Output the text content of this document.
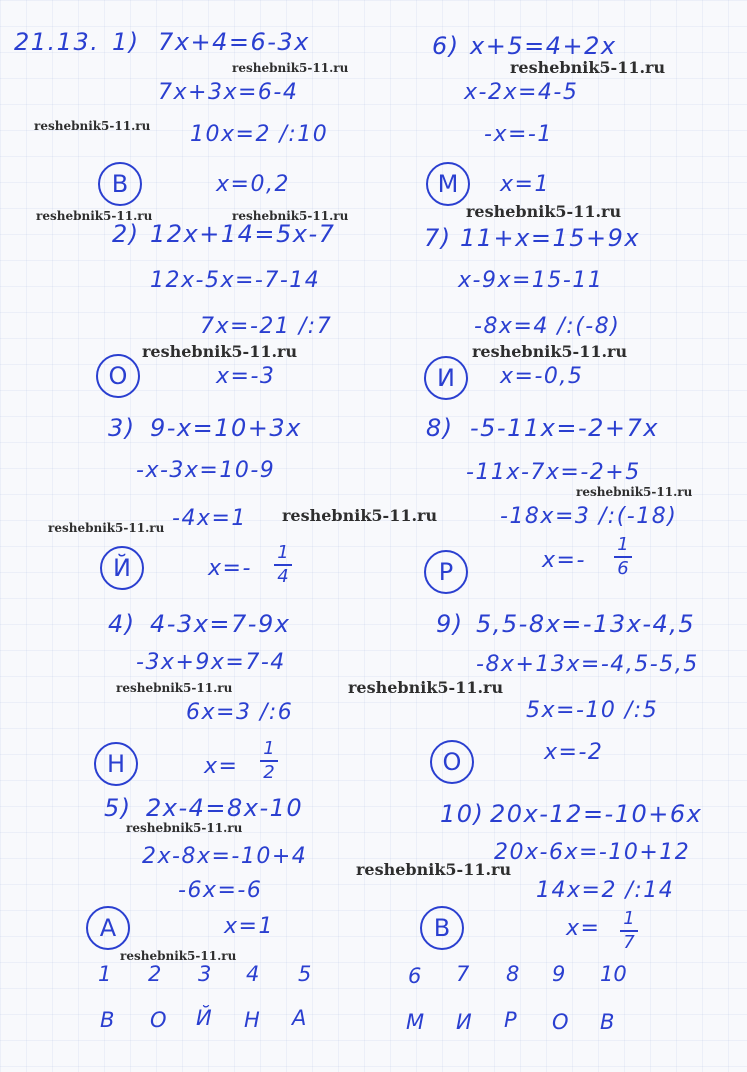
21.13. 1) 7x+4=6-3x
7x+3x=6-4
10x=2 /:10
В	x=0,2
2) 12x+14=5x-7
12x-5x=-7-14
7x=-21 /:7
О	x=-3
3) 9-x=10+3x
-x-3x=10-9
-4x=1
Й	x=-
1
4
4) 4-3x=7-9x
-3x+9x=7-4
6x=3 /:6
Н	x=
1
2
5) 2x-4=8x-10
2x-8x=-10+4
-6x=-6
А	x=1
6) x+5=4+2x
x-2x=4-5
-x=-1
М	x=1
7) 11+x=15+9x
x-9x=15-11
-8x=4 /:(-8)
И	x=-0,5
8) -5-11x=-2+7x
-11x-7x=-2+5
-18x=3 /:(-18)
Р	x=-
1
6
9) 5,5-8x=-13x-4,5
-8x+13x=-4,5-5,5
5x=-10 /:5
О	x=-2
10) 20x-12=-10+6x
20x-6x=-10+12
14x=2 /:14
В	x= 1
7
1 2 3 4 5	6 7 8 9 10
В О Й Н А	М И Р О В
reshebnik5-11.ru	reshebnik5-11.ru
reshebnik5-11.ru
reshebnik5-11.ru	reshebnik5-11.ru	reshebnik5-11.ru
reshebnik5-11.ru	reshebnik5-11.ru
reshebnik5-11.ru
reshebnik5-11.ru
reshebnik5-11.ru
reshebnik5-11.ru	reshebnik5-11.ru
reshebnik5-11.ru
reshebnik5-11.ru
reshebnik5-11.ru
